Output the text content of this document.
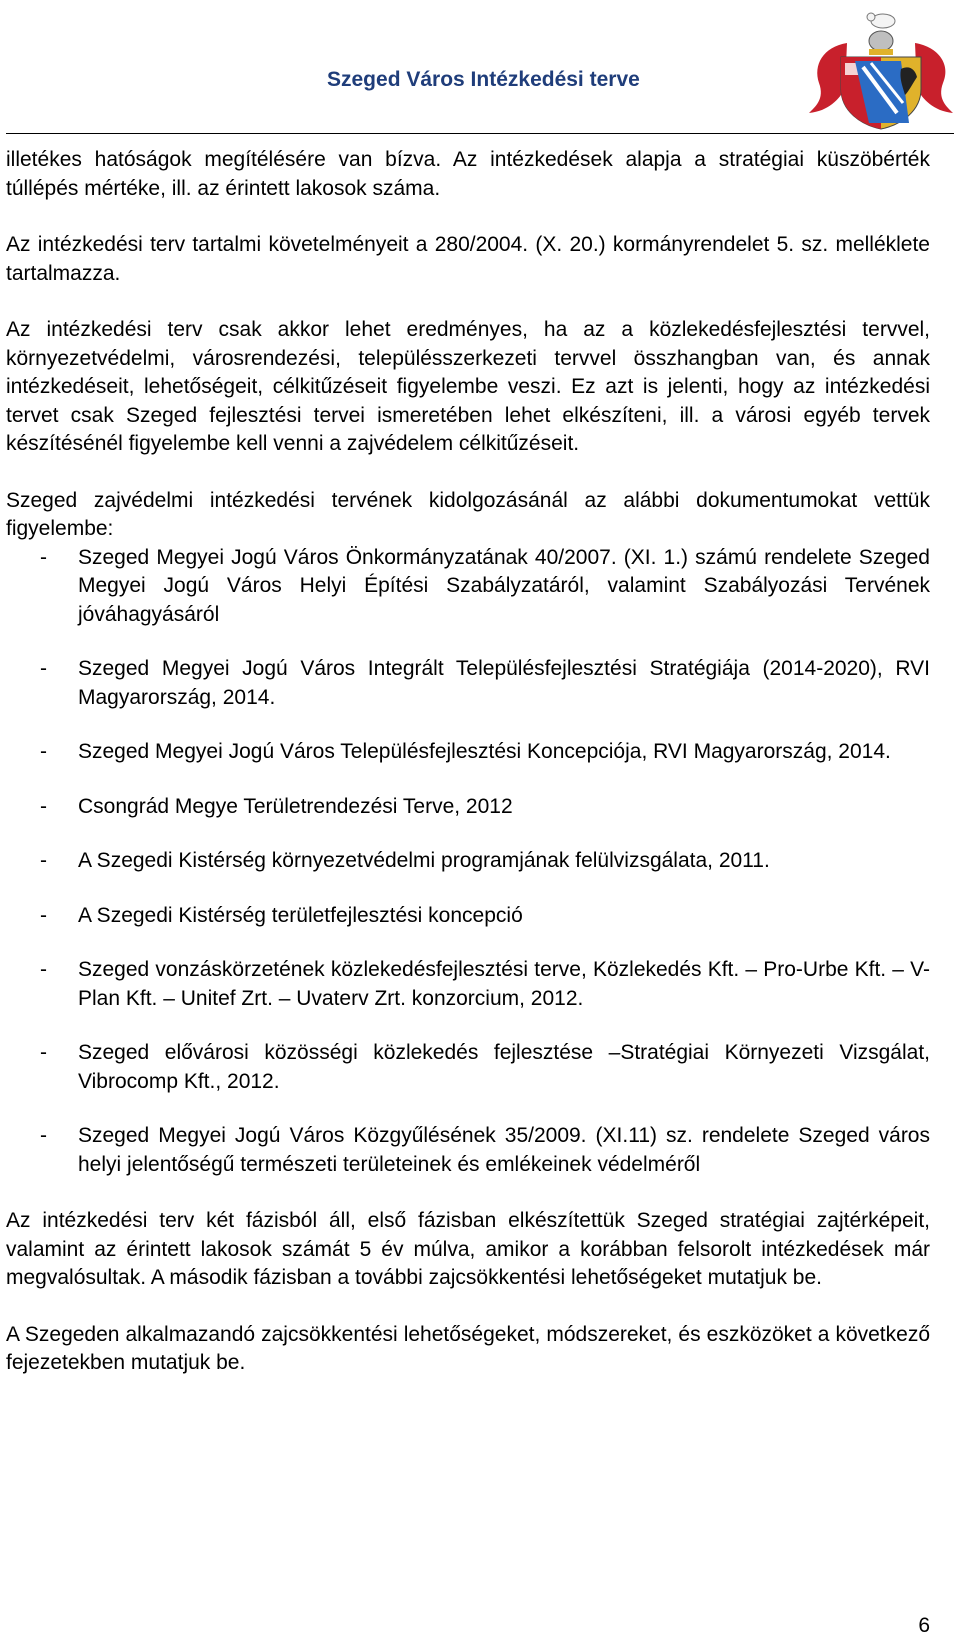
Szeged Város Intézkedési terve

illetékes hatóságok megítélésére van bízva. Az intézkedések alapja a stratégiai küszöbérték túllépés mértéke, ill. az érintett lakosok száma.

Az intézkedési terv tartalmi követelményeit a 280/2004. (X. 20.) kormányrendelet 5. sz. melléklete tartalmazza.

Az intézkedési terv csak akkor lehet eredményes, ha az a közlekedésfejlesztési tervvel, környezetvédelmi, városrendezési, településszerkezeti tervvel összhangban van, és annak intézkedéseit, lehetőségeit, célkitűzéseit figyelembe veszi. Ez azt is jelenti, hogy az intézkedési tervet csak Szeged fejlesztési tervei ismeretében lehet elkészíteni, ill. a városi egyéb tervek készítésénél figyelembe kell venni a zajvédelem célkitűzéseit.

Szeged zajvédelmi intézkedési tervének kidolgozásánál az alábbi dokumentumokat vettük figyelembe:

- Szeged Megyei Jogú Város Önkormányzatának 40/2007. (XI. 1.) számú rendelete Szeged Megyei Jogú Város Helyi Építési Szabályzatáról, valamint Szabályozási Tervének jóváhagyásáról
- Szeged Megyei Jogú Város Integrált Településfejlesztési Stratégiája (2014-2020), RVI Magyarország, 2014.
- Szeged Megyei Jogú Város Településfejlesztési Koncepciója, RVI Magyarország, 2014.
- Csongrád Megye Területrendezési Terve, 2012
- A Szegedi Kistérség környezetvédelmi programjának felülvizsgálata, 2011.
- A Szegedi Kistérség területfejlesztési koncepció
- Szeged vonzáskörzetének közlekedésfejlesztési terve, Közlekedés Kft. – Pro-Urbe Kft. – V-Plan Kft. – Unitef Zrt. – Uvaterv Zrt. konzorcium, 2012.
- Szeged elővárosi közösségi közlekedés fejlesztése –Stratégiai Környezeti Vizsgálat, Vibrocomp Kft., 2012.
- Szeged Megyei Jogú Város Közgyűlésének 35/2009. (XI.11) sz. rendelete Szeged város helyi jelentőségű természeti területeinek és emlékeinek védelméről

Az intézkedési terv két fázisból áll, első fázisban elkészítettük Szeged stratégiai zajtérképeit, valamint az érintett lakosok számát 5 év múlva, amikor a korábban felsorolt intézkedések már megvalósultak. A második fázisban a további zajcsökkentési lehetőségeket mutatjuk be.

A Szegeden alkalmazandó zajcsökkentési lehetőségeket, módszereket, és eszközöket a következő fejezetekben mutatjuk be.

6
